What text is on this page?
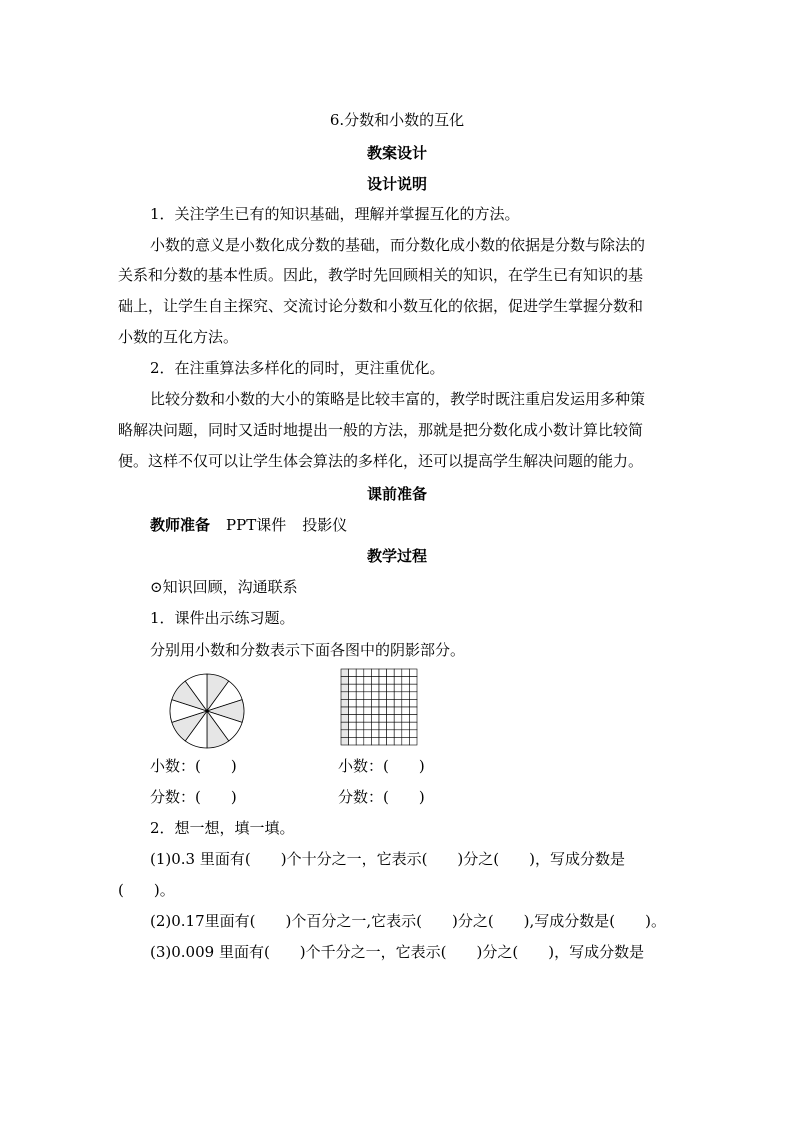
6.分数和小数的互化
教案设计
设计说明
1．关注学生已有的知识基础，理解并掌握互化的方法。
小数的意义是小数化成分数的基础，而分数化成小数的依据是分数与除法的
关系和分数的基本性质。因此，教学时先回顾相关的知识，在学生已有知识的基
础上，让学生自主探究、交流讨论分数和小数互化的依据，促进学生掌握分数和
小数的互化方法。
2．在注重算法多样化的同时，更注重优化。
比较分数和小数的大小的策略是比较丰富的，教学时既注重启发运用多种策
略解决问题，同时又适时地提出一般的方法，那就是把分数化成小数计算比较简
便。这样不仅可以让学生体会算法的多样化，还可以提高学生解决问题的能力。
课前准备
教师准备 PPT课件 投影仪
教学过程
⊙知识回顾，沟通联系
1．课件出示练习题。
分别用小数和分数表示下面各图中的阴影部分。
小数：(　　)	小数：(　　)
分数：(　　)	分数：(　　)
2．想一想，填一填。
(1)0.3 里面有(　　)个十分之一，它表示(　　)分之(　　)，写成分数是
(　　)。
(2)0.17里面有(　　)个百分之一,它表示(　　)分之(　　),写成分数是(　　)。
(3)0.009 里面有(　　)个千分之一，它表示(　　)分之(　　)，写成分数是
